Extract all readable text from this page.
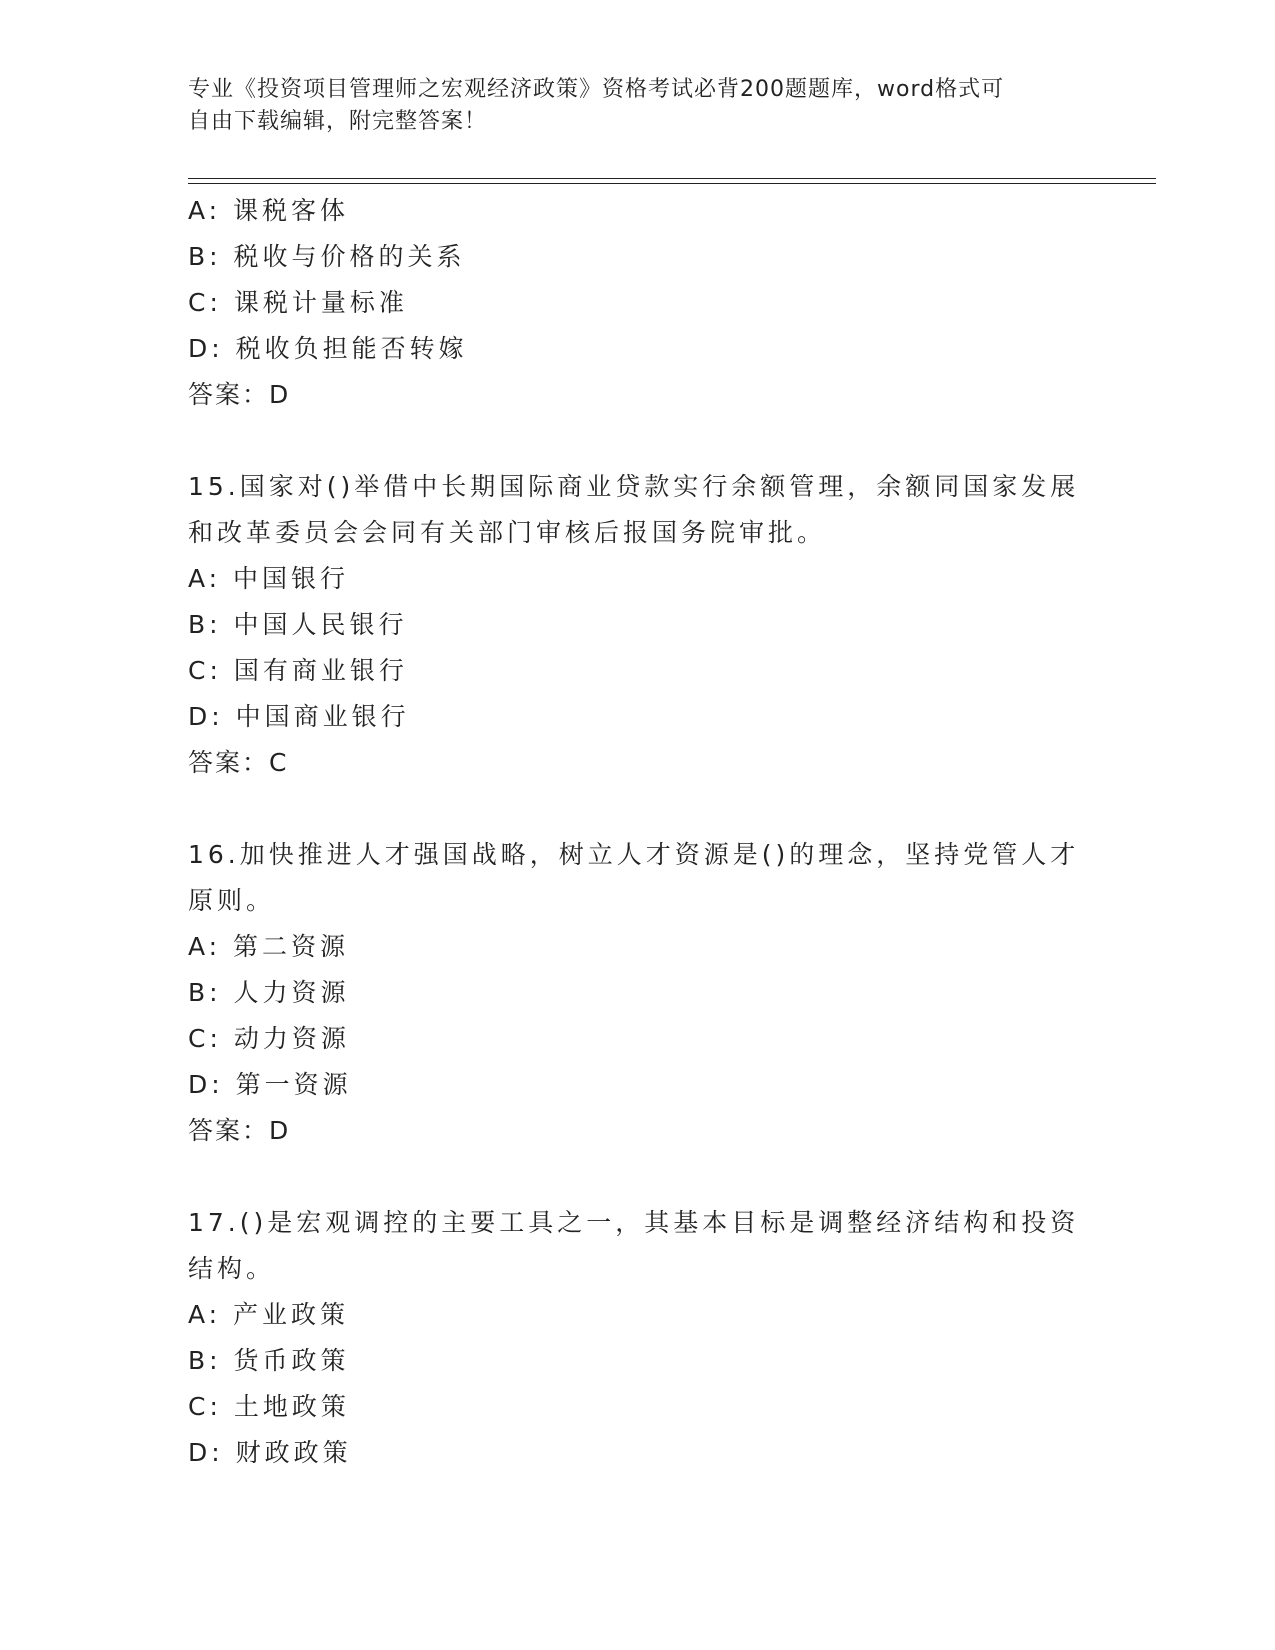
专业《投资项目管理师之宏观经济政策》资格考试必背200题题库，word格式可
自由下载编辑，附完整答案！
A: 课税客体
B: 税收与价格的关系
C: 课税计量标准
D: 税收负担能否转嫁
答案：D
15.国家对()举借中长期国际商业贷款实行余额管理，余额同国家发展
和改革委员会会同有关部门审核后报国务院审批。
A: 中国银行
B: 中国人民银行
C: 国有商业银行
D: 中国商业银行
答案：C
16.加快推进人才强国战略，树立人才资源是()的理念，坚持党管人才
原则。
A: 第二资源
B: 人力资源
C: 动力资源
D: 第一资源
答案：D
17.()是宏观调控的主要工具之一，其基本目标是调整经济结构和投资
结构。
A: 产业政策
B: 货币政策
C: 土地政策
D: 财政政策
